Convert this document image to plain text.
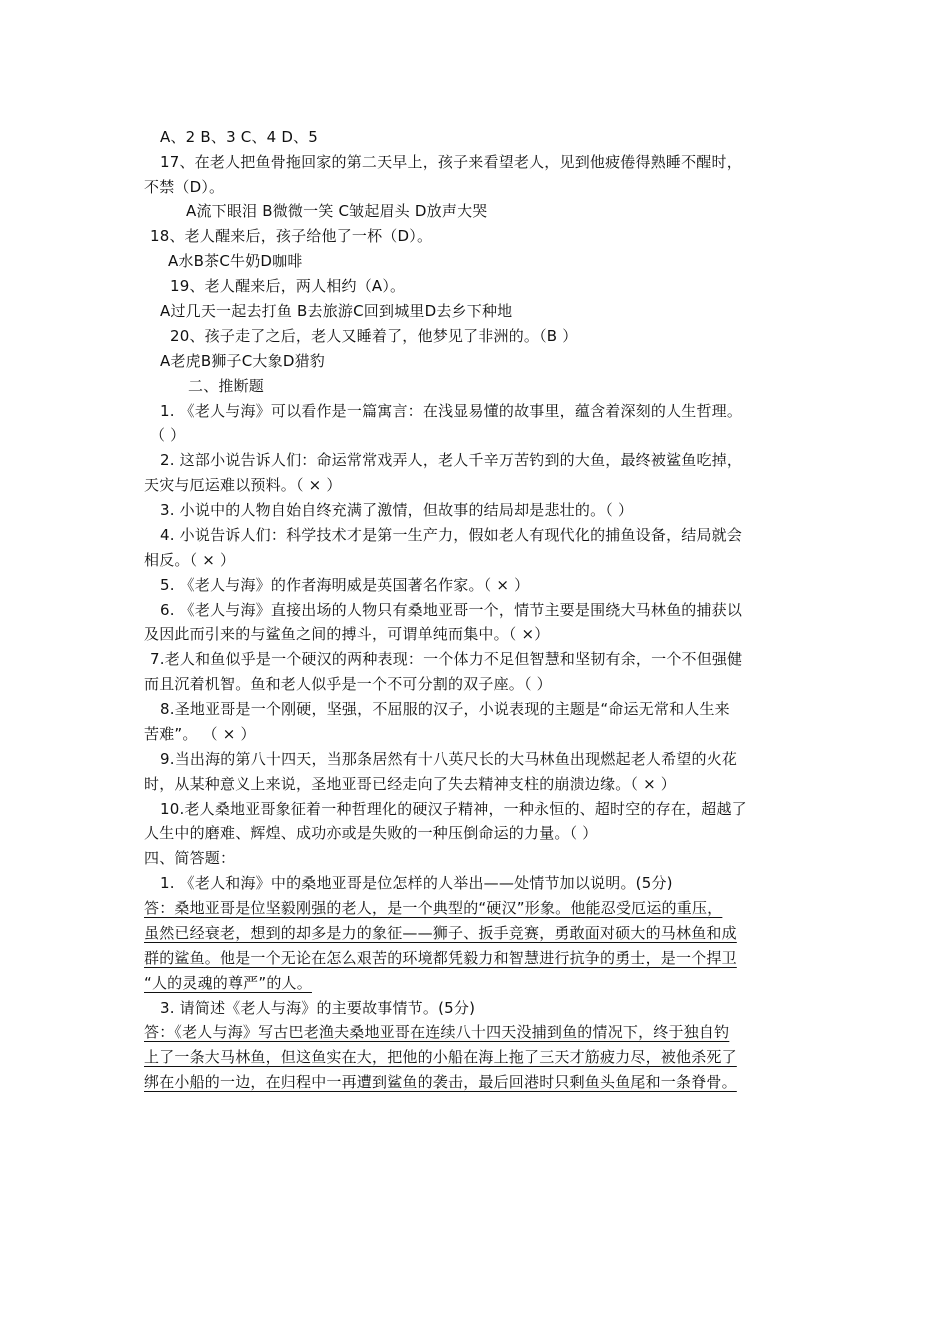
A、2 B、3 C、4 D、5
17、在老人把鱼骨拖回家的第二天早上，孩子来看望老人，见到他疲倦得熟睡不醒时，
不禁（D）。
A流下眼泪 B微微一笑 C皱起眉头 D放声大哭
18、老人醒来后，孩子给他了一杯（D）。
A水B茶C牛奶D咖啡
19、老人醒来后，两人相约（A）。
A过几天一起去打鱼 B去旅游C回到城里D去乡下种地
20、孩子走了之后，老人又睡着了，他梦见了非洲的。（B ）
A老虎B狮子C大象D猎豹
二、推断题
1. 《老人与海》可以看作是一篇寓言：在浅显易懂的故事里，蕴含着深刻的人生哲理。
（ ）
2. 这部小说告诉人们：命运常常戏弄人，老人千辛万苦钓到的大鱼，最终被鲨鱼吃掉，
天灾与厄运难以预料。（ × ）
3. 小说中的人物自始自终充满了激情，但故事的结局却是悲壮的。（ ）
4. 小说告诉人们：科学技术才是第一生产力，假如老人有现代化的捕鱼设备，结局就会
相反。（ × ）
5. 《老人与海》的作者海明威是英国著名作家。（ × ）
6. 《老人与海》直接出场的人物只有桑地亚哥一个，情节主要是围绕大马林鱼的捕获以
及因此而引来的与鲨鱼之间的搏斗，可谓单纯而集中。（ ×）
7.老人和鱼似乎是一个硬汉的两种表现：一个体力不足但智慧和坚韧有余，一个不但强健
而且沉着机智。鱼和老人似乎是一个不可分割的双子座。（ ）
8.圣地亚哥是一个刚硬，坚强，不屈服的汉子，小说表现的主题是“命运无常和人生来
苦难”。 （ × ）
9.当出海的第八十四天，当那条居然有十八英尺长的大马林鱼出现燃起老人希望的火花
时，从某种意义上来说，圣地亚哥已经走向了失去精神支柱的崩溃边缘。（ × ）
10.老人桑地亚哥象征着一种哲理化的硬汉子精神，一种永恒的、超时空的存在，超越了
人生中的磨难、辉煌、成功亦或是失败的一种压倒命运的力量。（ ）
四、简答题：
1. 《老人和海》中的桑地亚哥是位怎样的人举出——处情节加以说明。(5分)
答：桑地亚哥是位坚毅刚强的老人，是一个典型的“硬汉”形象。他能忍受厄运的重压，
虽然已经衰老，想到的却多是力的象征——狮子、扳手竞赛，勇敢面对硕大的马林鱼和成
群的鲨鱼。他是一个无论在怎么艰苦的环境都凭毅力和智慧进行抗争的勇士，是一个捍卫
“人的灵魂的尊严”的人。
3. 请简述《老人与海》的主要故事情节。(5分)
答：《老人与海》写古巴老渔夫桑地亚哥在连续八十四天没捕到鱼的情况下，终于独自钓
上了一条大马林鱼，但这鱼实在大，把他的小船在海上拖了三天才筋疲力尽，被他杀死了
绑在小船的一边，在归程中一再遭到鲨鱼的袭击，最后回港时只剩鱼头鱼尾和一条脊骨。
